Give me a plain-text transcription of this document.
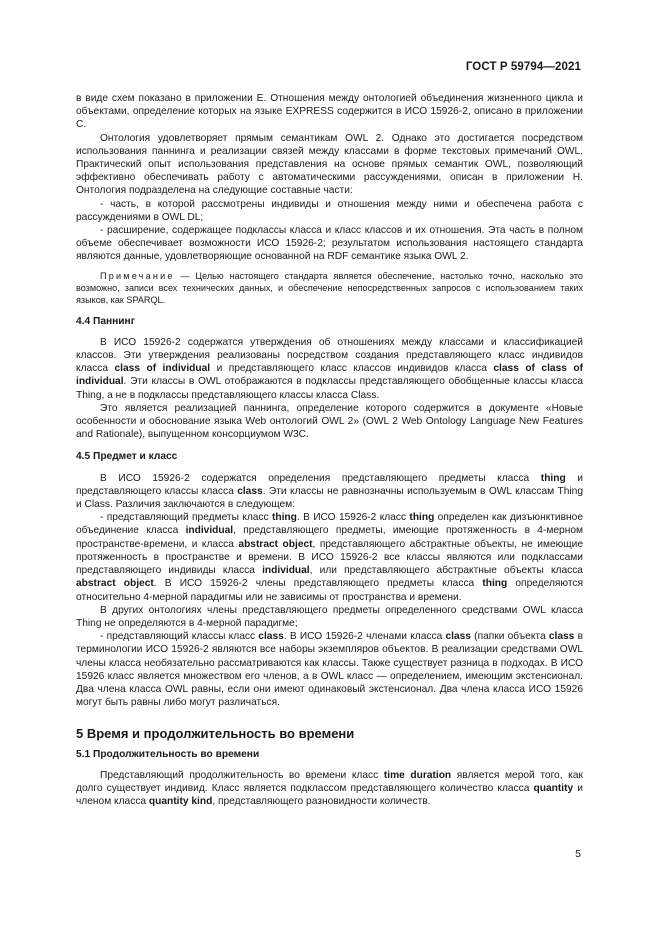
ГОСТ Р 59794—2021

в виде схем показано в приложении Е. Отношения между онтологией объединения жизненного цикла и объектами, определение которых на языке EXPRESS содержится в ИСО 15926-2, описано в приложении С.

Онтология удовлетворяет прямым семантикам OWL 2. Однако это достигается посредством использования паннинга и реализации связей между классами в форме текстовых примечаний OWL. Практический опыт использования представления на основе прямых семантик OWL, позволяющий эффективно обеспечивать работу с автоматическими рассуждениями, описан в приложении Н. Онтология подразделена на следующие составные части:

- часть, в которой рассмотрены индивиды и отношения между ними и обеспечена работа с рассуждениями в OWL DL;

- расширение, содержащее подклассы класса и класс классов и их отношения. Эта часть в полном объеме обеспечивает возможности ИСО 15926-2; результатом использования настоящего стандарта являются данные, удовлетворяющие основанной на RDF семантике языка OWL 2.

Примечание — Целью настоящего стандарта является обеспечение, настолько точно, насколько это возможно, записи всех технических данных, и обеспечение непосредственных запросов с использованием таких языков, как SPARQL.

4.4 Паннинг

В ИСО 15926-2 содержатся утверждения об отношениях между классами и классификацией классов. Эти утверждения реализованы посредством создания представляющего класс индивидов класса class of individual и представляющего класс классов индивидов класса class of class of individual. Эти классы в OWL отображаются в подклассы представляющего обобщенные классы класса Thing, а не в подклассы представляющего классы класса Class.

Это является реализацией паннинга, определение которого содержится в документе «Новые особенности и обоснование языка Web онтологий OWL 2» (OWL 2 Web Ontology Language New Features and Rationale), выпущенном консорциумом W3C.

4.5 Предмет и класс

В ИСО 15926-2 содержатся определения представляющего предметы класса thing и представляющего классы класса class. Эти классы не равнозначны используемым в OWL классам Thing и Class. Различия заключаются в следующем:

- представляющий предметы класс thing. В ИСО 15926-2 класс thing определен как дизъюнктивное объединение класса individual, представляющего предметы, имеющие протяженность в 4-мерном пространстве-времени, и класса abstract object, представляющего абстрактные объекты, не имеющие протяженность в пространстве и времени. В ИСО 15926-2 все классы являются или подклассами представляющего индивиды класса individual, или представляющего абстрактные объекты класса abstract object. В ИСО 15926-2 члены представляющего предметы класса thing определяются относительно 4-мерной парадигмы или не зависимы от пространства и времени.

В других онтологиях члены представляющего предметы определенного средствами OWL класса Thing не определяются в 4-мерной парадигме;

- представляющий классы класс class. В ИСО 15926-2 членами класса class (папки объекта class в терминологии ИСО 15926-2 являются все наборы экземпляров объектов. В реализации средствами OWL члены класса необязательно рассматриваются как классы. Также существует разница в подходах. В ИСО 15926 класс является множеством его членов, а в OWL класс — определением, имеющим экстенсионал. Два члена класса OWL равны, если они имеют одинаковый экстенсионал. Два члена класса ИСО 15926 могут быть равны либо могут различаться.

5 Время и продолжительность во времени
5.1 Продолжительность во времени

Представляющий продолжительность во времени класс time duration является мерой того, как долго существует индивид. Класс является подклассом представляющего количество класса quantity и членом класса quantity kind, представляющего разновидности количеств.

5
